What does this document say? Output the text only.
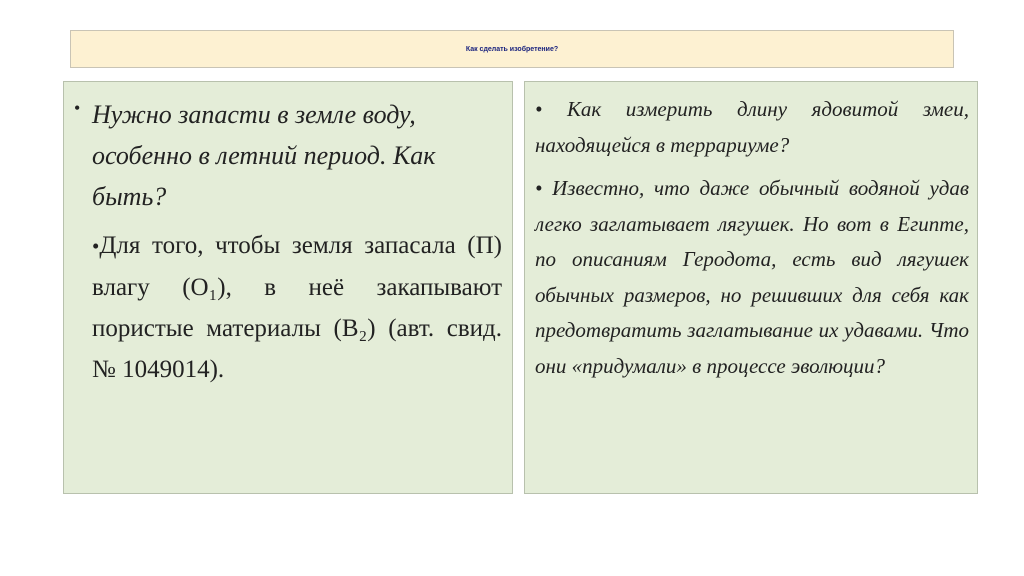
Как сделать изобретение?
• Нужно запасти в земле воду, особенно в летний период. Как быть?

•Для того, чтобы земля запасала (П) влагу (О₁), в неё закапывают пористые материалы (В₂) (авт. свид. № 1049014).

• Как измерить длину ядовитой змеи, находящейся в террариуме?

• Известно, что даже обычный водяной удав легко заглатывает лягушек. Но вот в Египте, по описаниям Геродота, есть вид лягушек обычных размеров, но решивших для себя как предотвратить заглатывание их удавами. Что они «придумали» в процессе эволюции?
